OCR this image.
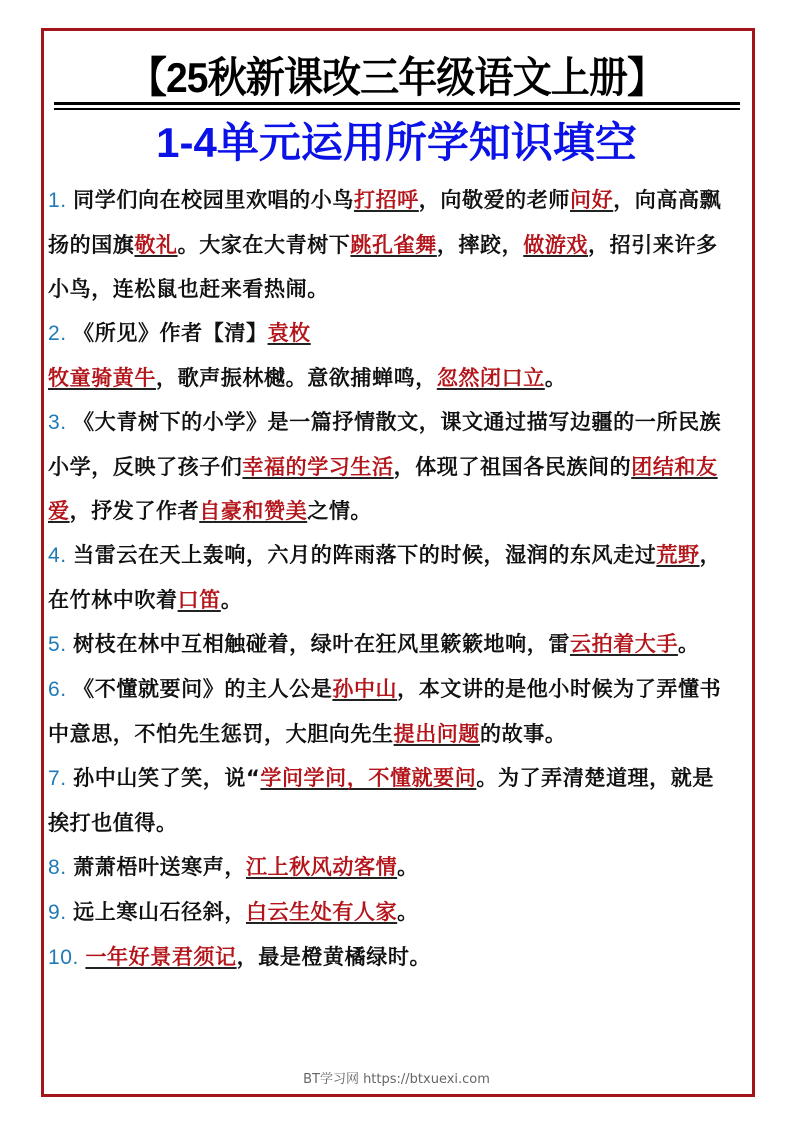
【25秋新课改三年级语文上册】
1-4单元运用所学知识填空

1. 同学们向在校园里欢唱的小鸟打招呼，向敬爱的老师问好，向高高飘扬的国旗敬礼。大家在大青树下跳孔雀舞，摔跤，做游戏，招引来许多小鸟，连松鼠也赶来看热闹。

2. 《所见》作者【清】袁枚
牧童骑黄牛，歌声振林樾。意欲捕蝉鸣，忽然闭口立。

3. 《大青树下的小学》是一篇抒情散文，课文通过描写边疆的一所民族小学，反映了孩子们幸福的学习生活，体现了祖国各民族间的团结和友爱，抒发了作者自豪和赞美之情。

4. 当雷云在天上轰响，六月的阵雨落下的时候，湿润的东风走过荒野，在竹林中吹着口笛。

5. 树枝在林中互相触碰着，绿叶在狂风里簌簌地响，雷云拍着大手。

6. 《不懂就要问》的主人公是孙中山，本文讲的是他小时候为了弄懂书中意思，不怕先生惩罚，大胆向先生提出问题的故事。

7. 孙中山笑了笑，说“学问学问，不懂就要问。为了弄清楚道理，就是挨打也值得。

8. 萧萧梧叶送寒声，江上秋风动客情。

9. 远上寒山石径斜，白云生处有人家。

10. 一年好景君须记，最是橙黄橘绿时。

BT学习网 https://btxuexi.com
